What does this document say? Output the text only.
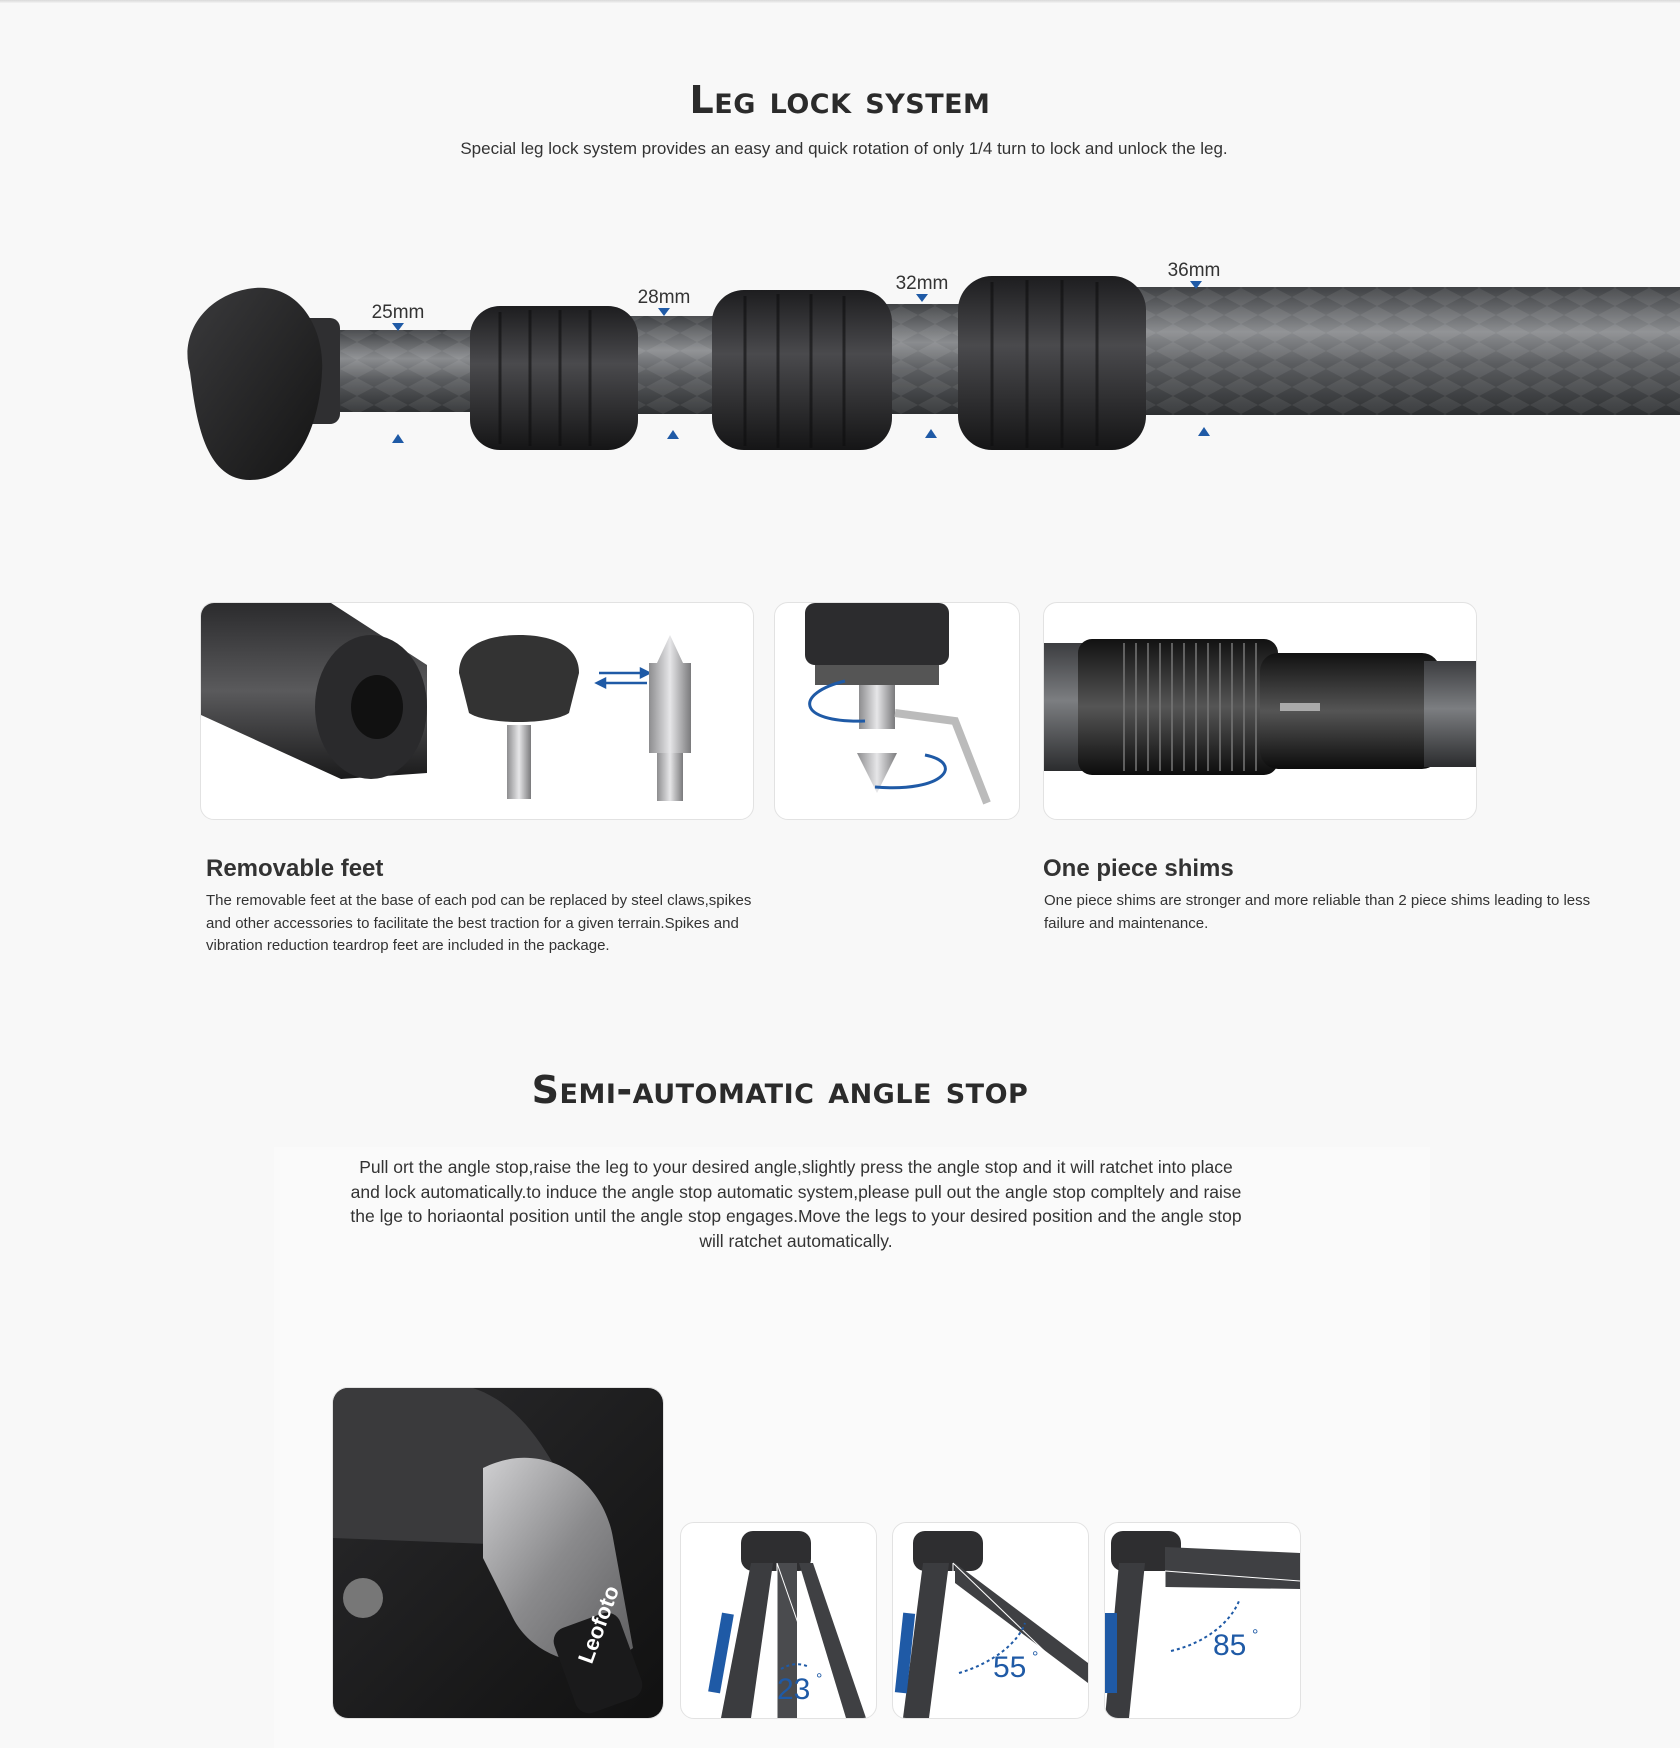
Leg lock system

Special leg lock system provides an easy and quick rotation of only 1/4 turn to lock and unlock the leg.

25mm
28mm
32mm
36mm
Removable feet

The removable feet at the base of each pod can be replaced by steel claws,spikes and other accessories to facilitate the best traction for a given terrain.Spikes and vibration reduction teardrop feet are included in the package.

One piece shims

One piece shims are stronger and more reliable than 2 piece shims leading to less failure and maintenance.

Semi-automatic angle stop

Pull ort the angle stop,raise the leg to your desired angle,slightly press the angle stop and it will ratchet into place and lock automatically.to induce the angle stop automatic system,please pull out the angle stop compltely and raise the lge to horiaontal position until the angle stop engages.Move the legs to your desired position and the angle stop will ratchet automatically.

Leofoto
23 °	55 °	85 °
